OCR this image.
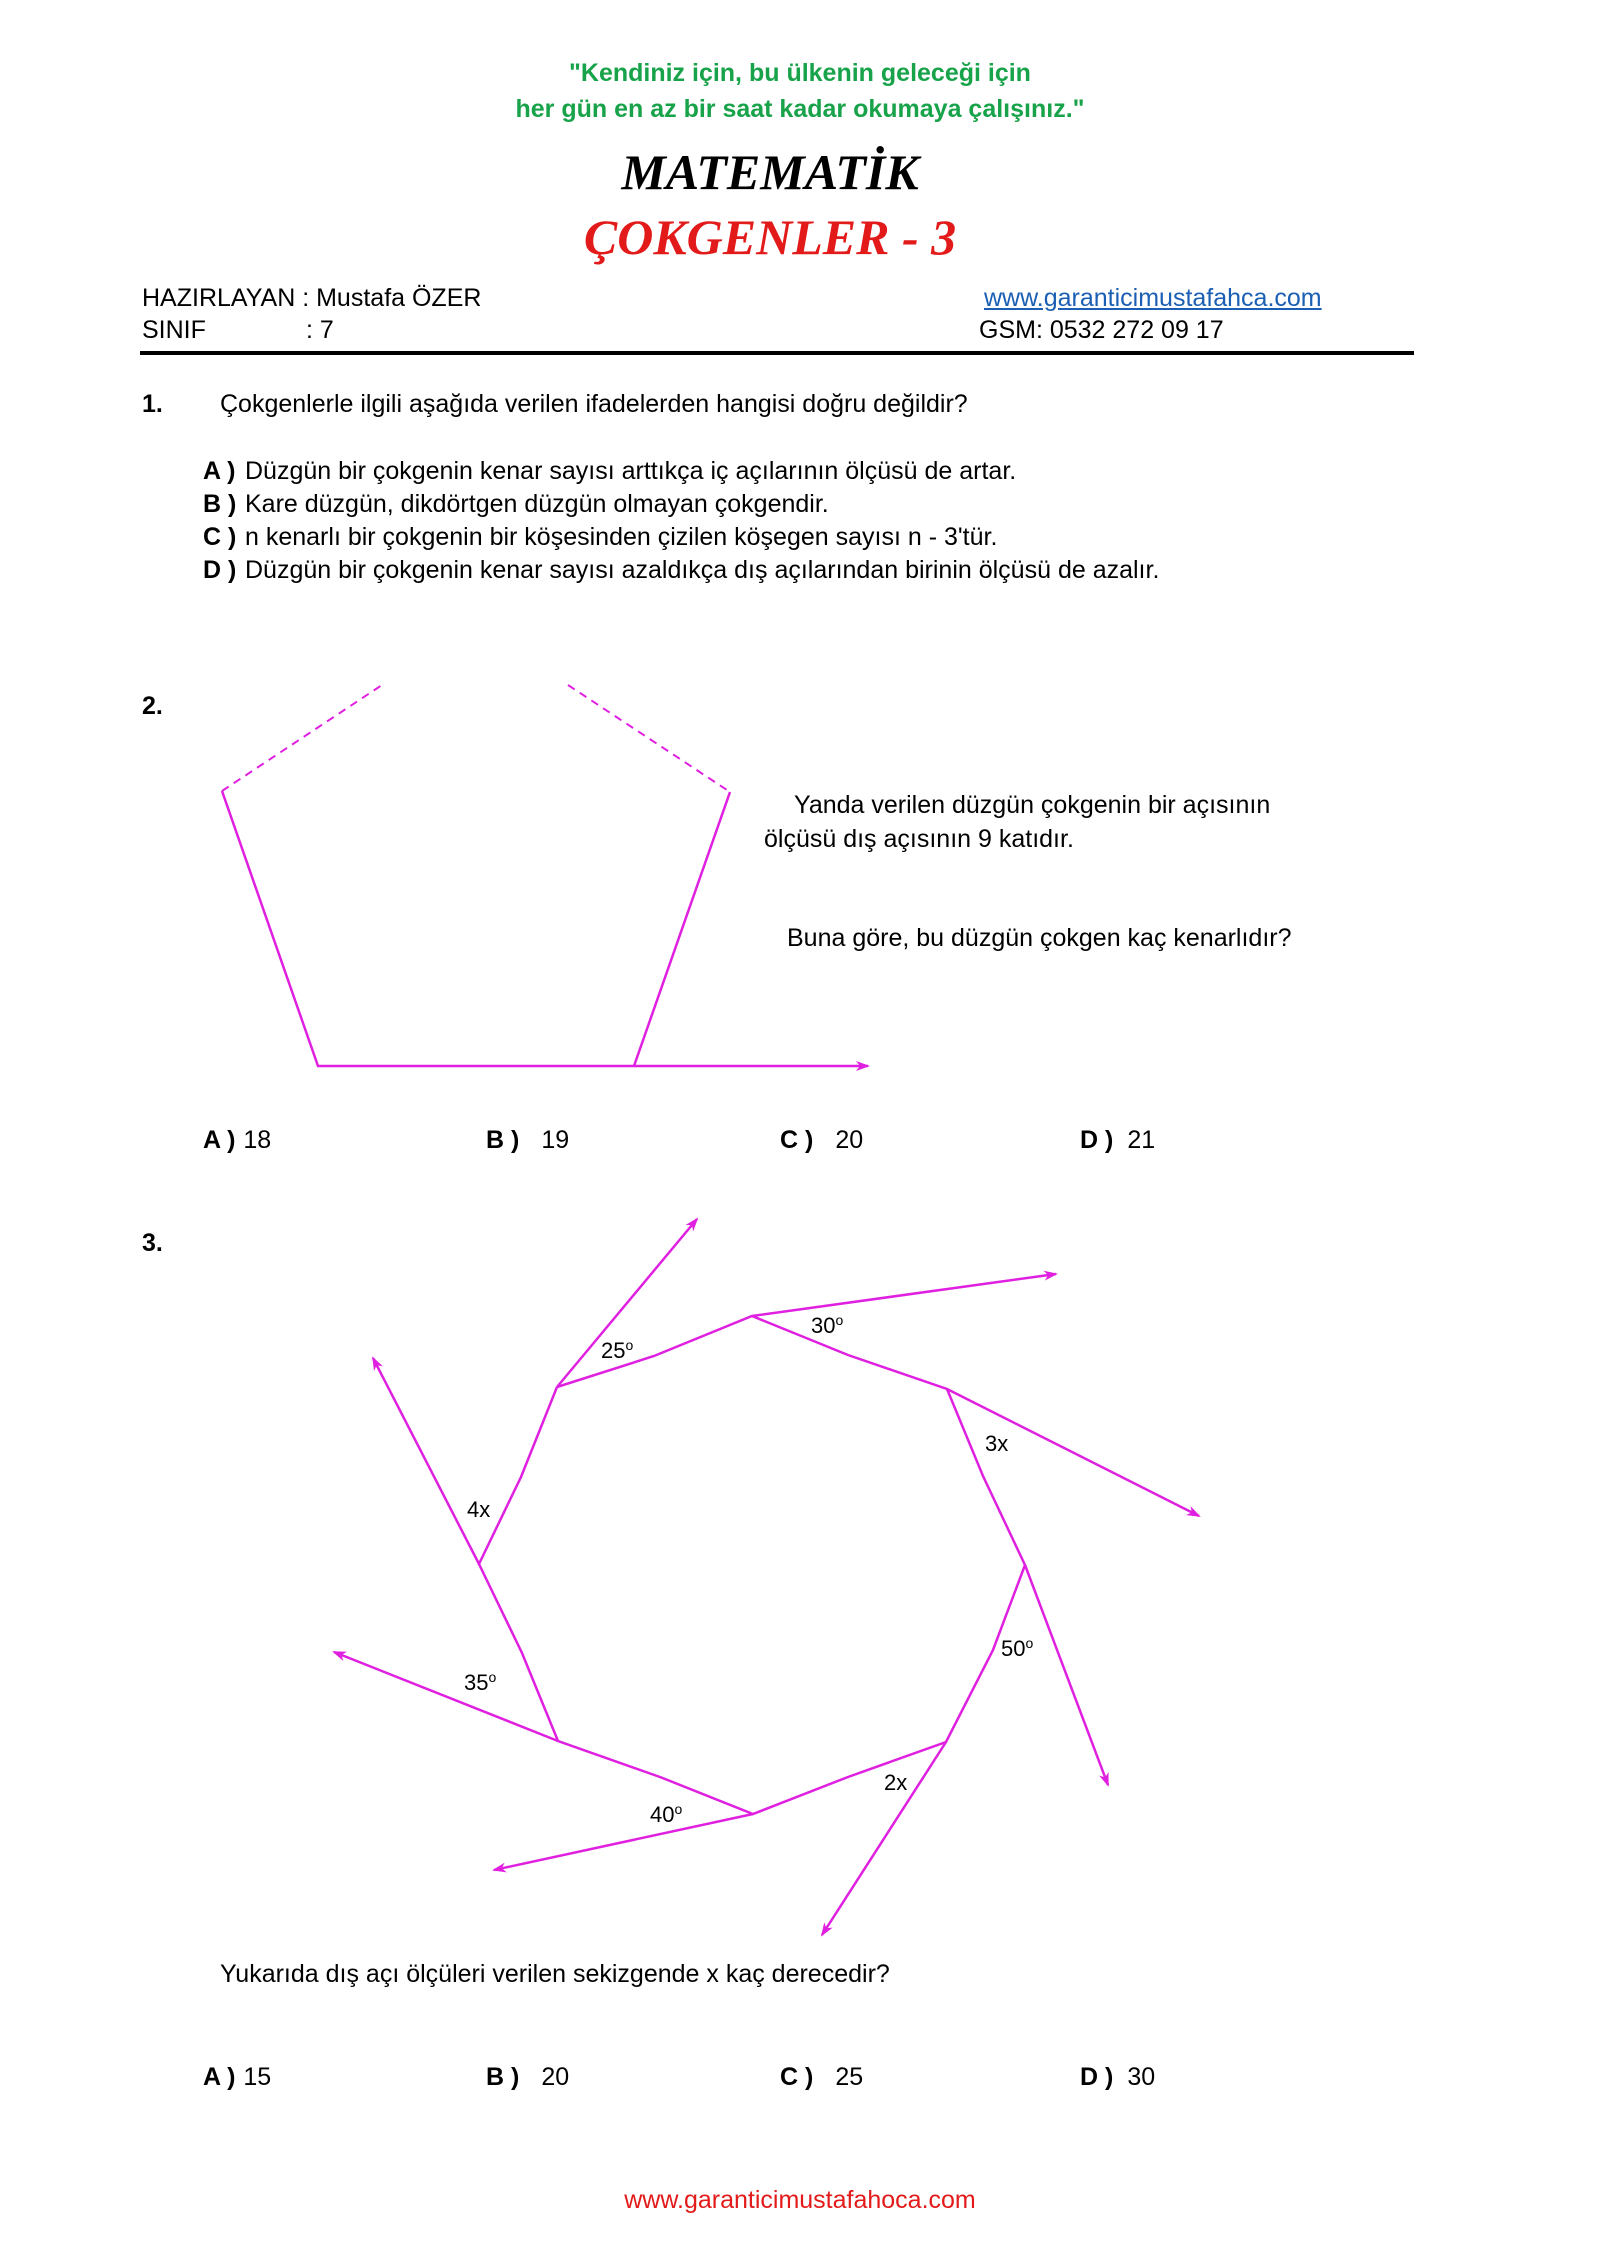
"Kendiniz için, bu ülkenin geleceği için
her gün en az bir saat kadar okumaya çalışınız."
MATEMATİK
ÇOKGENLER - 3
HAZIRLAYAN : Mustafa ÖZER
SINIF	: 7
www.garanticimustafahca.com
GSM: 0532 272 09 17
1. Çokgenlerle ilgili aşağıda verilen ifadelerden hangisi doğru değildir?
A ) Düzgün bir çokgenin kenar sayısı arttıkça iç açılarının ölçüsü de artar.
B ) Kare düzgün, dikdörtgen düzgün olmayan çokgendir.
C ) n kenarlı bir çokgenin bir köşesinden çizilen köşegen sayısı n - 3'tür.
D ) Düzgün bir çokgenin kenar sayısı azaldıkça dış açılarından birinin ölçüsü de azalır.
2.
Yanda verilen düzgün çokgenin bir açısının
ölçüsü dış açısının 9 katıdır.
Buna göre, bu düzgün çokgen kaç kenarlıdır?
A ) 18	B ) 19	C ) 20	D ) 21
3.
25$^o$
30$^o$
3x
50$^o$
2x
40$^o$
35$^o$
4x
Yukarıda dış açı ölçüleri verilen sekizgende x kaç derecedir?
A ) 15	B ) 20	C ) 25	D ) 30
www.garanticimustafahoca.com
